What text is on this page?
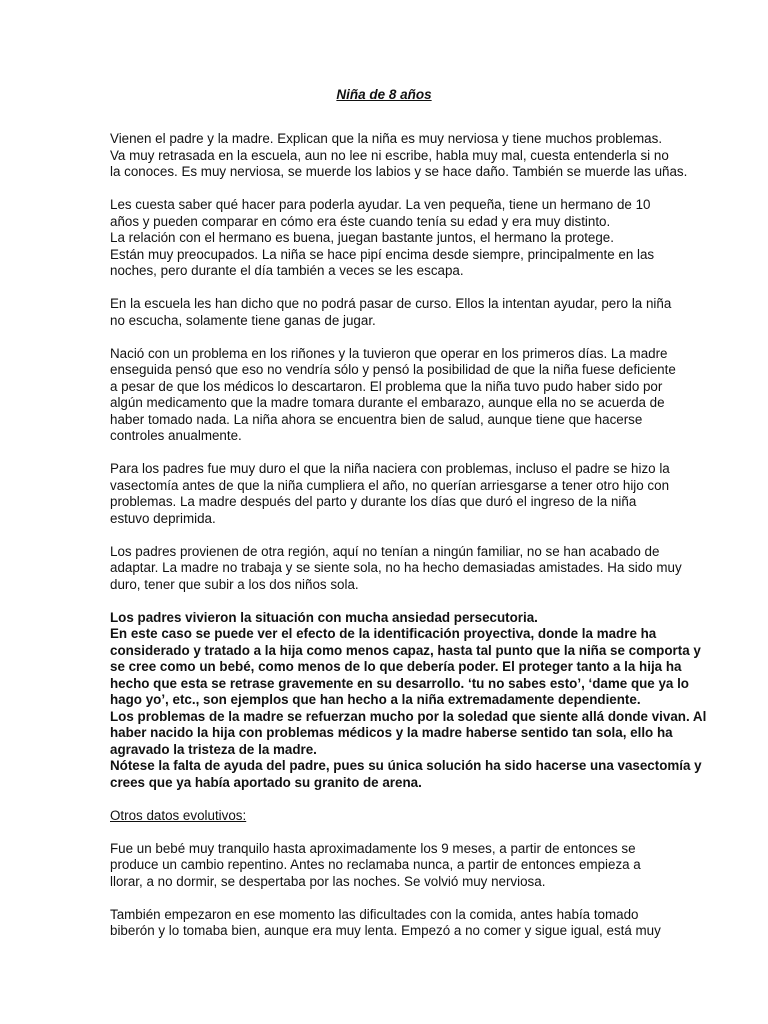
Niña de 8 años

Vienen el padre y la madre. Explican que la niña es muy nerviosa y tiene muchos problemas.
Va muy retrasada en la escuela, aun no lee ni escribe, habla muy mal, cuesta entenderla si no
la conoces. Es muy nerviosa, se muerde los labios y se hace daño. También se muerde las uñas.

Les cuesta saber qué hacer para poderla ayudar. La ven pequeña, tiene un hermano de 10
años y pueden comparar en cómo era éste cuando tenía su edad y era muy distinto.
La relación con el hermano es buena, juegan bastante juntos, el hermano la protege.
Están muy preocupados. La niña se hace pipí encima desde siempre, principalmente en las
noches, pero durante el día también a veces se les escapa.

En la escuela les han dicho que no podrá pasar de curso. Ellos la intentan ayudar, pero la niña
no escucha, solamente tiene ganas de jugar.

Nació con un problema en los riñones y la tuvieron que operar en los primeros días. La madre
enseguida pensó que eso no vendría sólo y pensó la posibilidad de que la niña fuese deficiente
a pesar de que los médicos lo descartaron. El problema que la niña tuvo pudo haber sido por
algún medicamento que la madre tomara durante el embarazo, aunque ella no se acuerda de
haber tomado nada. La niña ahora se encuentra bien de salud, aunque tiene que hacerse
controles anualmente.

Para los padres fue muy duro el que la niña naciera con problemas, incluso el padre se hizo la
vasectomía antes de que la niña cumpliera el año, no querían arriesgarse a tener otro hijo con
problemas. La madre después del parto y durante los días que duró el ingreso de la niña
estuvo deprimida.

Los padres provienen de otra región, aquí no tenían a ningún familiar, no se han acabado de
adaptar. La madre no trabaja y se siente sola, no ha hecho demasiadas amistades. Ha sido muy
duro, tener que subir a los dos niños sola.

Los padres vivieron la situación con mucha ansiedad persecutoria.
En este caso se puede ver el efecto de la identificación proyectiva, donde la madre ha
considerado y tratado a la hija como menos capaz, hasta tal punto que la niña se comporta y
se cree como un bebé, como menos de lo que debería poder. El proteger tanto a la hija ha
hecho que esta se retrase gravemente en su desarrollo. ‘tu no sabes esto’, ‘dame que ya lo
hago yo’, etc., son ejemplos que han hecho a la niña extremadamente dependiente.
Los problemas de la madre se refuerzan mucho por la soledad que siente allá donde vivan. Al
haber nacido la hija con problemas médicos y la madre haberse sentido tan sola, ello ha
agravado la tristeza de la madre.
Nótese la falta de ayuda del padre, pues su única solución ha sido hacerse una vasectomía y
crees que ya había aportado su granito de arena.

Otros datos evolutivos:

Fue un bebé muy tranquilo hasta aproximadamente los 9 meses, a partir de entonces se
produce un cambio repentino. Antes no reclamaba nunca, a partir de entonces empieza a
llorar, a no dormir, se despertaba por las noches. Se volvió muy nerviosa.

También empezaron en ese momento las dificultades con la comida, antes había tomado
biberón y lo tomaba bien, aunque era muy lenta. Empezó a no comer y sigue igual, está muy
